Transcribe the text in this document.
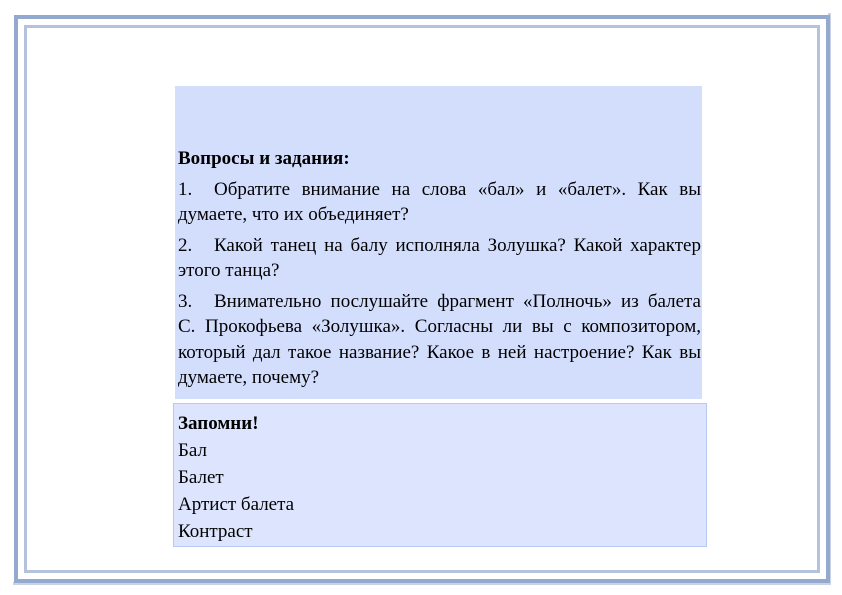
Вопросы и задания:
1. Обратите внимание на слова «бал» и «балет». Как вы думаете, что их объединяет?
2. Какой танец на балу исполняла Золушка? Какой характер этого танца?
3. Внимательно послушайте фрагмент «Полночь» из балета С. Прокофьева «Золушка». Согласны ли вы с композитором, который дал такое название? Какое в ней настроение? Как вы думаете, почему?
Запомни!
Бал
Балет
Артист балета
Контраст
